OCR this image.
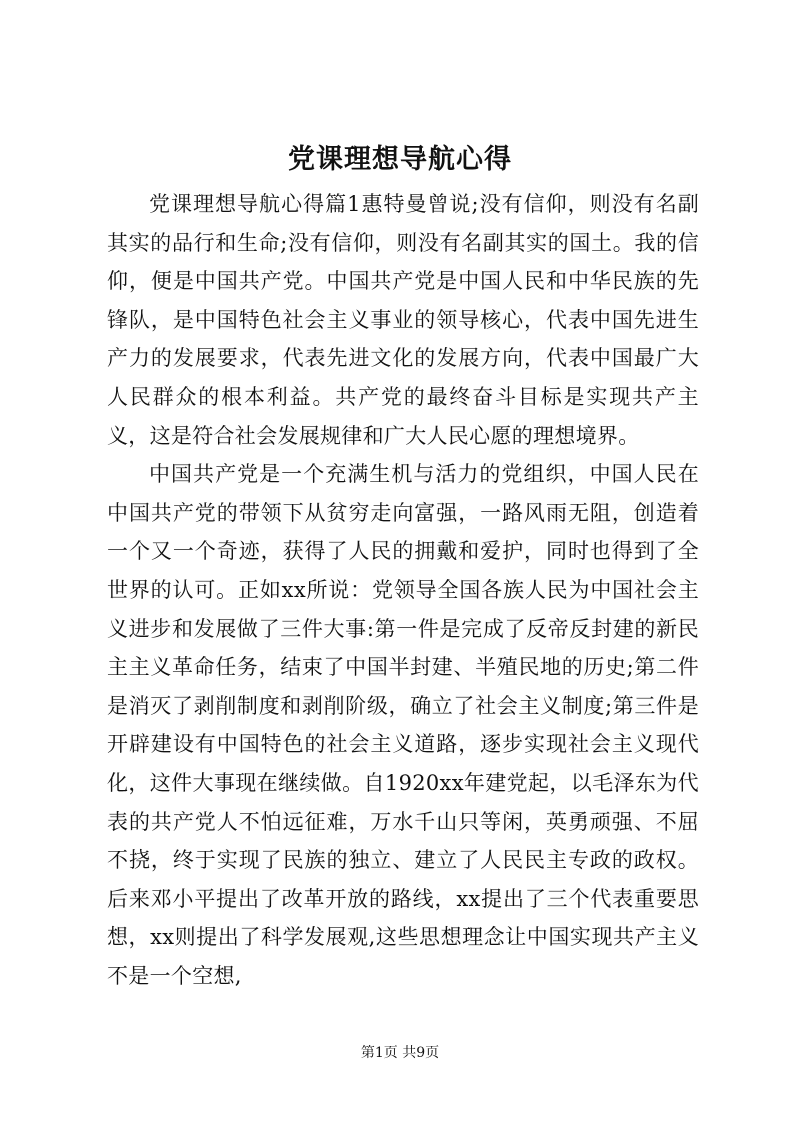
党课理想导航心得

党课理想导航心得篇1惠特曼曾说;没有信仰，则没有名副其实的品行和生命;没有信仰，则没有名副其实的国土。我的信仰，便是中国共产党。中国共产党是中国人民和中华民族的先锋队，是中国特色社会主义事业的领导核心，代表中国先进生产力的发展要求，代表先进文化的发展方向，代表中国最广大人民群众的根本利益。共产党的最终奋斗目标是实现共产主义，这是符合社会发展规律和广大人民心愿的理想境界。

中国共产党是一个充满生机与活力的党组织，中国人民在中国共产党的带领下从贫穷走向富强，一路风雨无阻，创造着一个又一个奇迹，获得了人民的拥戴和爱护，同时也得到了全世界的认可。正如xx所说：党领导全国各族人民为中国社会主义进步和发展做了三件大事:第一件是完成了反帝反封建的新民主主义革命任务，结束了中国半封建、半殖民地的历史;第二件是消灭了剥削制度和剥削阶级，确立了社会主义制度;第三件是开辟建设有中国特色的社会主义道路，逐步实现社会主义现代化，这件大事现在继续做。自1920xx年建党起，以毛泽东为代表的共产党人不怕远征难，万水千山只等闲，英勇顽强、不屈不挠，终于实现了民族的独立、建立了人民民主专政的政权。后来邓小平提出了改革开放的路线，xx提出了三个代表重要思想，xx则提出了科学发展观,这些思想理念让中国实现共产主义不是一个空想,

第1页 共9页
